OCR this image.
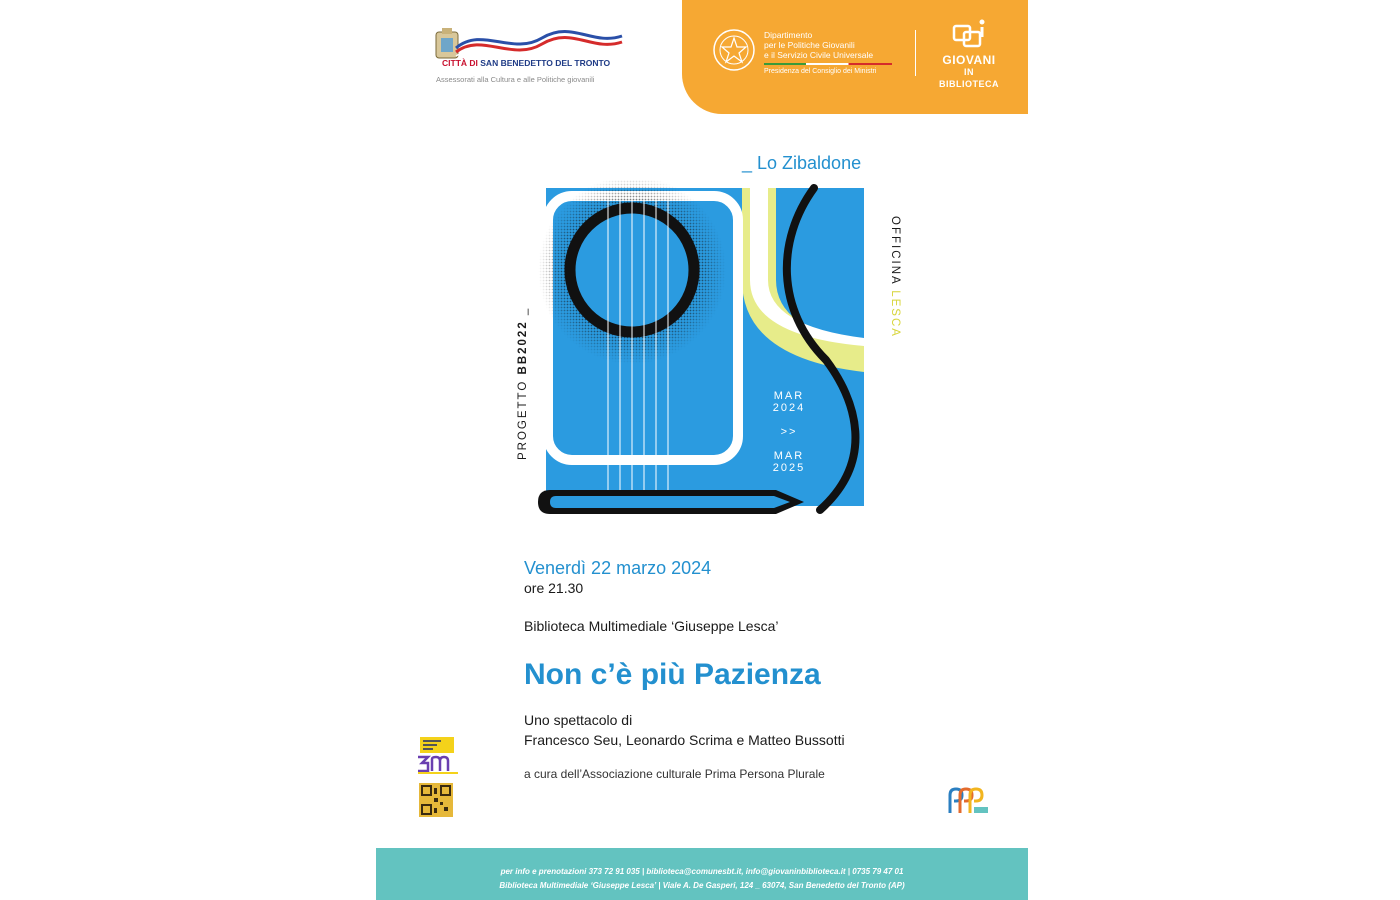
CITTÀ DI SAN BENEDETTO DEL TRONTO
Assessorati alla Cultura e alle Politiche giovanili
Dipartimento
per le Politiche Giovanili
e il Servizio Civile Universale
Presidenza del Consiglio dei Ministri
GIOVANI
IN BIBLIOTECA
_ Lo Zibaldone
PROGETTO BB2022 _
OFFICINA LESCA
MAR
2024
>>
MAR
2025
Venerdì 22 marzo 2024
ore 21.30
Biblioteca Multimediale ‘Giuseppe Lesca’
Non c’è più Pazienza
Uno spettacolo di
Francesco Seu, Leonardo Scrima e Matteo Bussotti
a cura dell’Associazione culturale Prima Persona Plurale
per info e prenotazioni 373 72 91 035 | biblioteca@comunesbt.it, info@giovaninbiblioteca.it | 0735 79 47 01
Biblioteca Multimediale ‘Giuseppe Lesca’ | Viale A. De Gasperi, 124 _ 63074, San Benedetto del Tronto (AP)
